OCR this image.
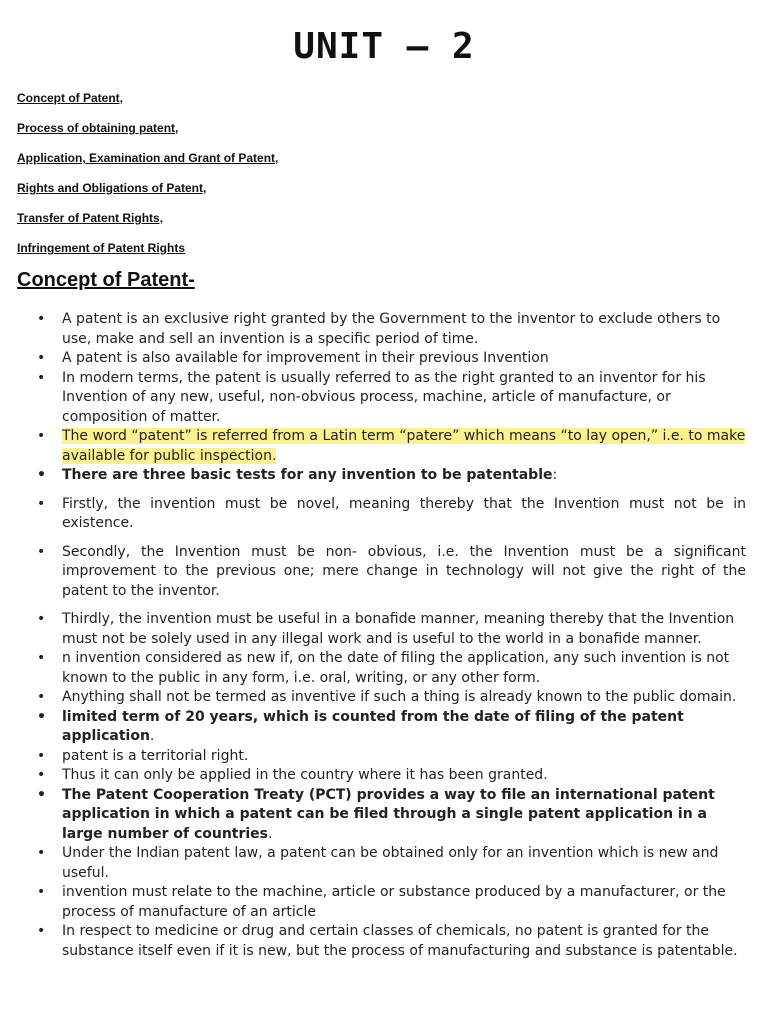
UNIT – 2
Concept of Patent,
Process of obtaining patent,
Application, Examination and Grant of Patent,
Rights and Obligations of Patent,
Transfer of Patent Rights,
Infringement of Patent Rights
Concept of Patent-
• A patent is an exclusive right granted by the Government to the inventor to exclude others to use, make and sell an invention is a specific period of time.
• A patent is also available for improvement in their previous Invention
• In modern terms, the patent is usually referred to as the right granted to an inventor for his Invention of any new, useful, non-obvious process, machine, article of manufacture, or composition of matter.
• The word “patent” is referred from a Latin term “patere” which means “to lay open,” i.e. to make available for public inspection.
• There are three basic tests for any invention to be patentable:
• Firstly, the invention must be novel, meaning thereby that the Invention must not be in existence.
• Secondly, the Invention must be non- obvious, i.e. the Invention must be a significant improvement to the previous one; mere change in technology will not give the right of the patent to the inventor.
• Thirdly, the invention must be useful in a bonafide manner, meaning thereby that the Invention must not be solely used in any illegal work and is useful to the world in a bonafide manner.
• n invention considered as new if, on the date of filing the application, any such invention is not known to the public in any form, i.e. oral, writing, or any other form.
• Anything shall not be termed as inventive if such a thing is already known to the public domain.
• limited term of 20 years, which is counted from the date of filing of the patent application.
• patent is a territorial right.
• Thus it can only be applied in the country where it has been granted.
• The Patent Cooperation Treaty (PCT) provides a way to file an international patent application in which a patent can be filed through a single patent application in a large number of countries.
• Under the Indian patent law, a patent can be obtained only for an invention which is new and useful.
• invention must relate to the machine, article or substance produced by a manufacturer, or the process of manufacture of an article
• In respect to medicine or drug and certain classes of chemicals, no patent is granted for the substance itself even if it is new, but the process of manufacturing and substance is patentable.
